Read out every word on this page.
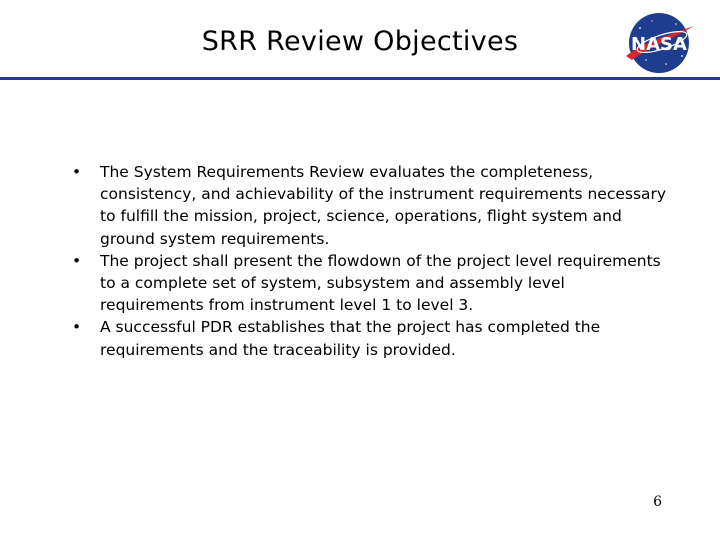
SRR Review Objectives	NASA
• The System Requirements Review evaluates the completeness, consistency, and achievability of the instrument requirements necessary to fulfill the mission, project, science, operations, flight system and ground system requirements.
• The project shall present the flowdown of the project level requirements to a complete set of system, subsystem and assembly level requirements from instrument level 1 to level 3.
• A successful PDR establishes that the project has completed the requirements and the traceability is provided.
6
